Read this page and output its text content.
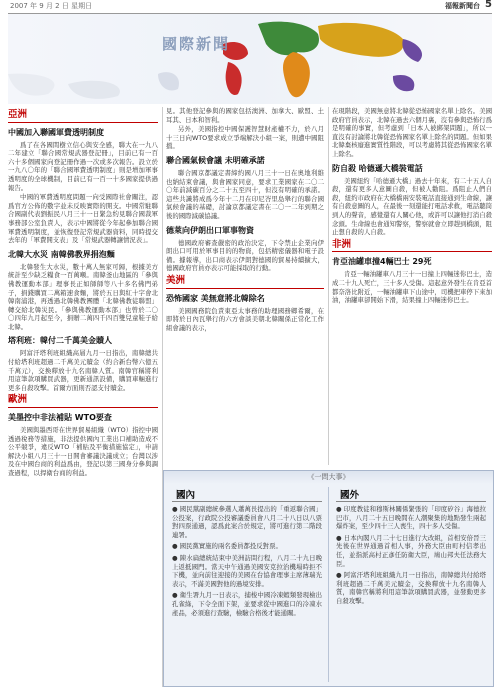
2007 年 9 月 2 日 星期日	福報新聞台 5
國際新聞
亞洲
中國加入聯國軍費透明制度

爲了在各國間樹立信心與安全感，聯大在一九八二年建立「聯合國常規武器登記冊」，目前已有一百六十多個國家向登記冊作過一次或多次報告。設立於一九八〇年的「聯合國軍費透明制度」則是增加軍事透明度的全球機制，目前已有一百一十多國家提供過報告。

中國的軍費透明度問題一向受國際社會關注，認爲官方公佈的數字並未反映實際的開支。中國常駐聯合國副代表劉振民八月三十一日緊急約見聯合國裁軍事務部公室負責人，表示中國將從今年起參加聯合國軍費透明制度，並恢復登記常規武器資料，同時提交去年的「軍費開支表」及「常規武器轉讓情況表」。

北韓大水災 南韓佛教界捐泡麵

北韓發生大水災，數十萬人無家可歸，根據美方統計至少缺乏糧食一百萬噸。南韓釜山地區的「參與佛教運動本部」理事長正如師師等八十多名佛門弟子，捐錢購買二萬箱速食麵，將於五日與紅十字會北韓南浦港，再透過北韓佛教團體「北韓佛教徒聯盟」轉交給北韓災民。「參與佛教運動本部」也曾於二〇〇四年九月起至今，捐贈二萬四千四百雙兒童鞋子給北韓。

塔利班：韓付二千萬美金贖人

阿富汗塔利班組織高層九月一日指出，南韓總共付給塔利班超過二千萬美元贖金（約合新台幣六億五千萬元），交換釋放十九名南韓人質。南韓官稱將利用這筆款項購買武器，更新通訊設備，購買車輛進行更多自殺攻擊。首爾方面則否認支付贖金。

歐洲
美墨控中非法補貼 WTO要查

美國與墨西哥在世界貿易組織（WTO）指控中國透過稅務等措施，非法提供國內工業出口補助造成不公平競爭，違反WTO「補貼及平衡措施協定」，申請解決小組八月三十一日開會審議決議成立；台灣以涉及在中國台商的利益爲由，登記以第三國身分參與調查過程，以捍衛台商的利益。

見。其他登記參與的國家包括澳洲、加拿大、歐盟、土耳其、日本和智利。

另外，美國指控中國保護智慧財產權不力，於八月十三日向WTO要求成立爭端解決小組一案，則遭中國阻擋。

聯合國氣候會議 未明確承諾

聯合國京都議定書締約國八月三十一日在奧地利維也納結束會議，與會國家同意，要求工業國家在二〇二〇年前減碳百分之二十五至四十，但沒有明確的承諾。這些共識將成爲今年十二月在印尼峇里島舉行的聯合國氣候會議的基礎，討論京都議定書在二〇一二年到期之後的國際減碳協議。

德萊向伊朗出口軍事物資

德國政府審查嚴密的政治決定，下令禁止企業向伊朗出口可用於軍事目的的物資，包括精密儀器和電子設備。據報導，出口商表示伊朗對德國的貿易持續擴大，德國政府官員亦表示可能採取的行動。

美洲
恐怖國家 美無意將北韓除名

美國國務院負責東亞太事務的助理國務卿希爾，在即將於日內瓦舉行的六方會談美朝北韓關係正常化工作組會議的表示，

在現階段，美國無意將北韓從恐怖國家名單上除名。美國政府官員表示，北韓在過去六個月裏，沒有參與恐怖行爲是明確的事實，但考慮到「日本人被綁架問題」，所以一直沒有討論將北韓從恐怖國家名單上除名的問題。但如果北韓棄核廢進實質性階段，可以考慮將其從恐怖國家名單上除名。

防自殺 哈德遜大橋裝電話

美國紐約「哈德遜大橋」過去十年來，有二十五人自殺，還有更多人意圖自殺，但被人勸阻。爲阻止人們自殺，紐約市政府在大橋橋兩安裝電話直接通到生命線，讓有自殺意圖的人，在最後一刻還能打電話求救，電話聽筒到人的聲音，感覺還有人關心他，或許可以讓他打消自殺念頭。生命線也會通知警察，警察就會立即趕到橋頭，阻止想自殺的人自殺。

非洲
肯亞油罐車撞4輛巴士 29死

肯亞一輛油罐車八月三十一日撞上四輛迷你巴士，造成二十九人死亡，三十多人受傷。這起意外發生在肯亞首都奈洛比附近，一輛油罐車下山途中，司機把車停下來加油，油罐車卻開始下滑，結果撞上四輛迷你巴士。

《一問大事》
國內

● 國民黨副總統參選人蕭萬長提出的「重返聯合國」公投案，行政院公投審議委員會八月二十八日以八票對四票通過，認爲此案合於規定，將可進行第二階段連署。

● 國民黨實施的兩名委員都投反對票。

● 陳水扁總統結束中美洲訪問行程，八月二十九日晚上返抵國門。當天中午通過美國安克拉治機場時拒不下機，並向前往迎接的美國在台協會理事主席薄瑞光表示，不滿美國對他的過境安排。

● 衛生署九月一日表示，捕梭中國冷凍蝦類發現檢出孔雀綠，下令全面下架，並要求從中國進口的冷凍水產品，必須進行查驗，檢驗合格後才能通關。

國外

● 印度教徒和穆斯林關係緊張的「印度矽谷」海德拉巴市，八月二十五日晚間在人潮聚集的地點發生兩起爆炸案，至少四十三人喪生，四十多人受傷。

● 日本內閣八月二十七日進行大改組，首相安倍晉三先後在世界通過首相人事，外務大臣由町村信孝出任，並指派高村正彥任防衛大臣，鳩山邦夫任法務大臣。

● 阿富汗塔利班組織九月一日指出，南韓總共付給塔利班超過二千萬美元贖金，交換釋放十九名南韓人質，南韓官稱將利用這筆款項購買武器，並發動更多自殺攻擊。
